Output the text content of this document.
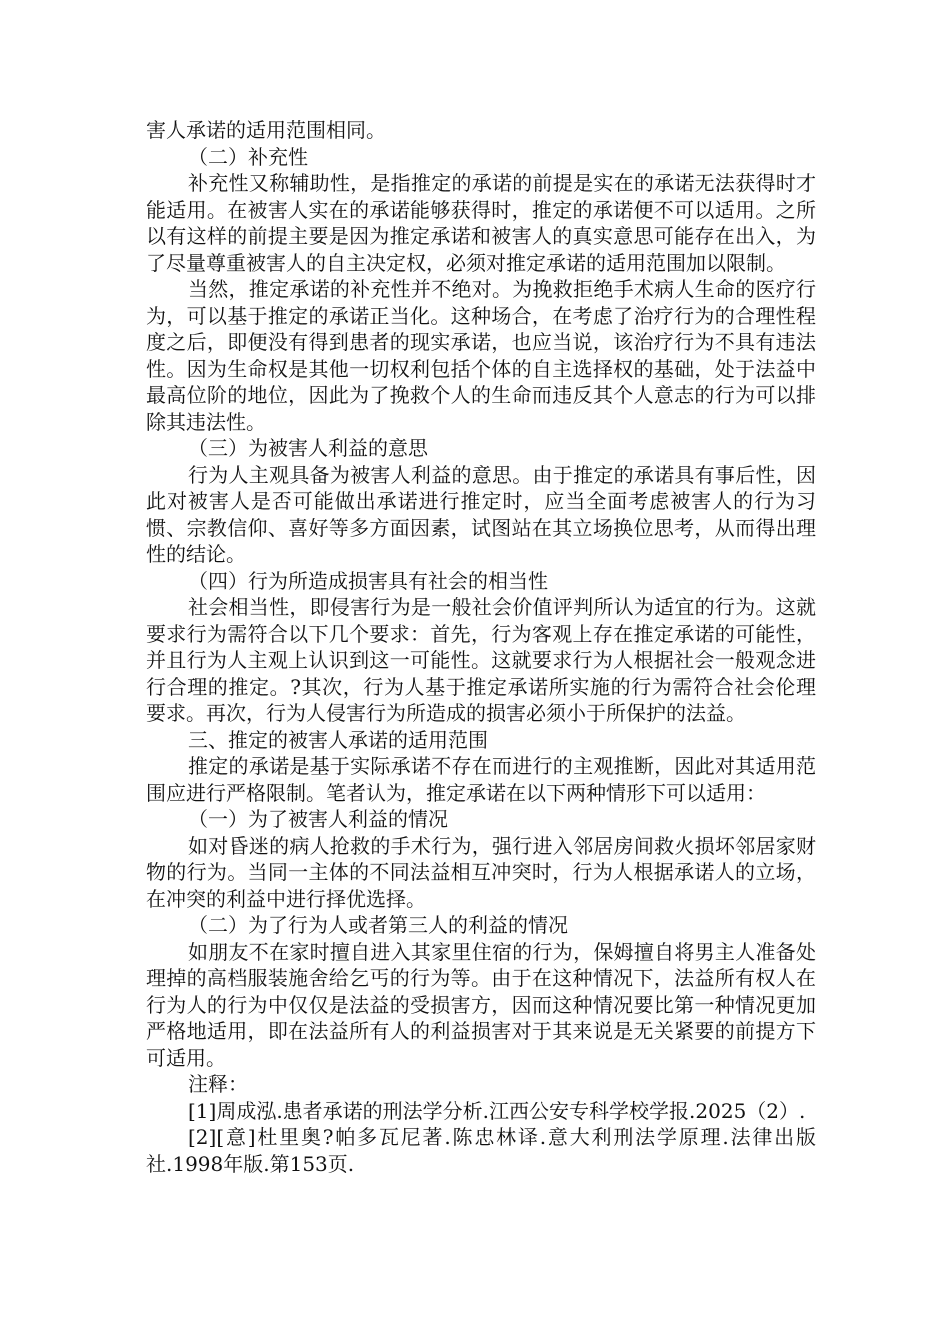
害人承诺的适用范围相同。

（二）补充性

补充性又称辅助性，是指推定的承诺的前提是实在的承诺无法获得时才能适用。在被害人实在的承诺能够获得时，推定的承诺便不可以适用。之所以有这样的前提主要是因为推定承诺和被害人的真实意思可能存在出入，为了尽量尊重被害人的自主决定权，必须对推定承诺的适用范围加以限制。

当然，推定承诺的补充性并不绝对。为挽救拒绝手术病人生命的医疗行为，可以基于推定的承诺正当化。这种场合，在考虑了治疗行为的合理性程度之后，即便没有得到患者的现实承诺，也应当说，该治疗行为不具有违法性。因为生命权是其他一切权利包括个体的自主选择权的基础，处于法益中最高位阶的地位，因此为了挽救个人的生命而违反其个人意志的行为可以排除其违法性。

（三）为被害人利益的意思

行为人主观具备为被害人利益的意思。由于推定的承诺具有事后性，因此对被害人是否可能做出承诺进行推定时，应当全面考虑被害人的行为习惯、宗教信仰、喜好等多方面因素，试图站在其立场换位思考，从而得出理性的结论。

（四）行为所造成损害具有社会的相当性

社会相当性，即侵害行为是一般社会价值评判所认为适宜的行为。这就要求行为需符合以下几个要求：首先，行为客观上存在推定承诺的可能性，并且行为人主观上认识到这一可能性。这就要求行为人根据社会一般观念进行合理的推定。?其次，行为人基于推定承诺所实施的行为需符合社会伦理要求。再次，行为人侵害行为所造成的损害必须小于所保护的法益。

三、推定的被害人承诺的适用范围

推定的承诺是基于实际承诺不存在而进行的主观推断，因此对其适用范围应进行严格限制。笔者认为，推定承诺在以下两种情形下可以适用：

（一）为了被害人利益的情况

如对昏迷的病人抢救的手术行为，强行进入邻居房间救火损坏邻居家财物的行为。当同一主体的不同法益相互冲突时，行为人根据承诺人的立场，在冲突的利益中进行择优选择。

（二）为了行为人或者第三人的利益的情况

如朋友不在家时擅自进入其家里住宿的行为，保姆擅自将男主人准备处理掉的高档服装施舍给乞丐的行为等。由于在这种情况下，法益所有权人在行为人的行为中仅仅是法益的受损害方，因而这种情况要比第一种情况更加严格地适用，即在法益所有人的利益损害对于其来说是无关紧要的前提方下可适用。

注释：

[1]周成泓.患者承诺的刑法学分析.江西公安专科学校学报.2025（2）.

[2][意]杜里奥?帕多瓦尼著.陈忠林译.意大利刑法学原理.法律出版社.1998年版.第153页.
